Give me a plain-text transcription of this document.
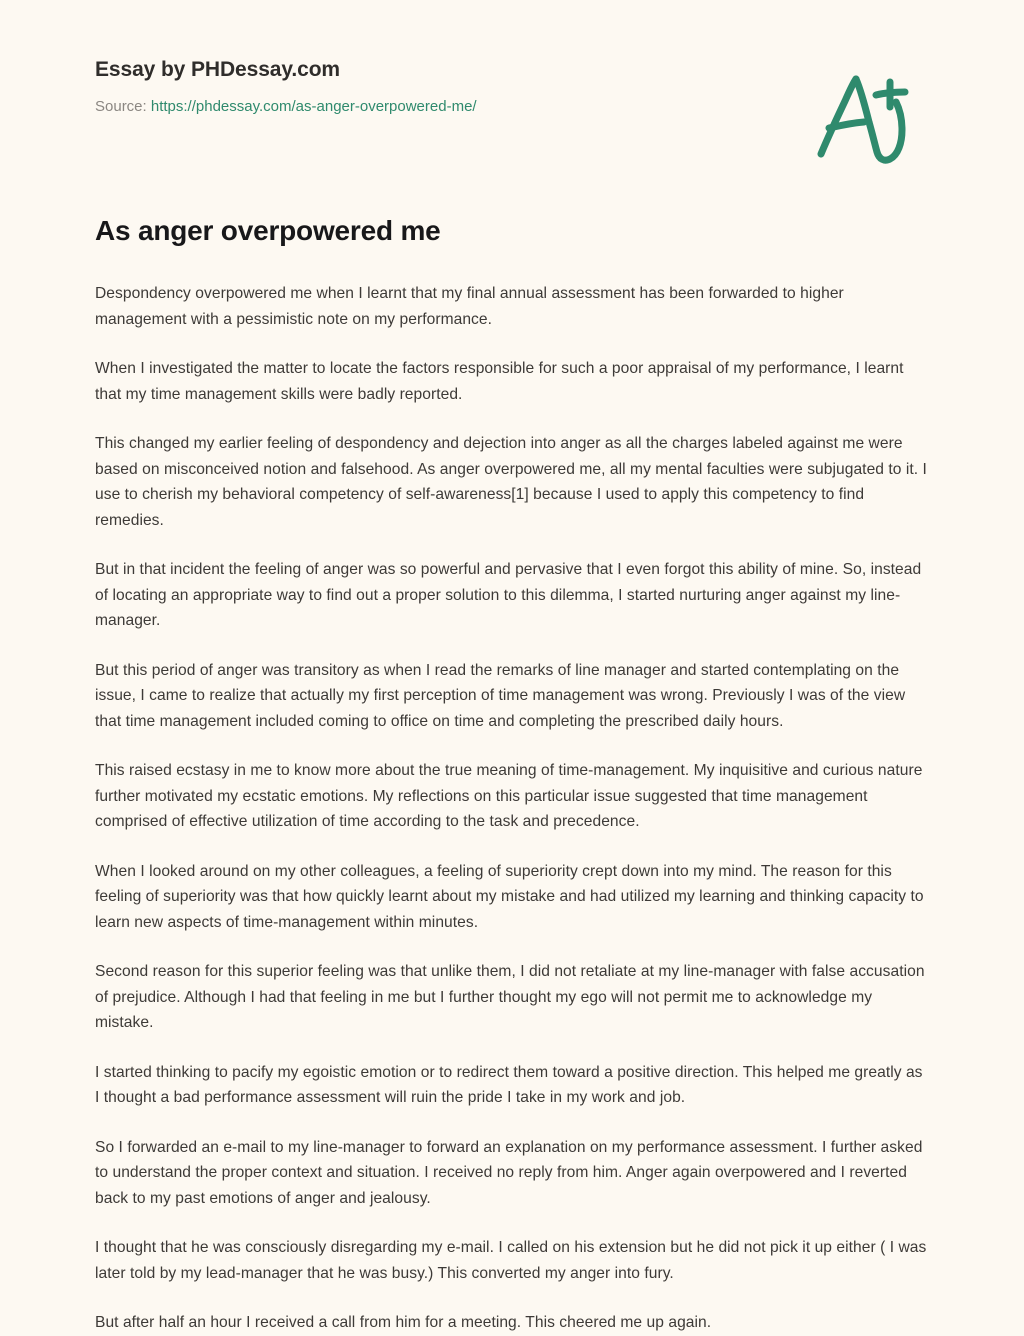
Essay by PHDessay.com
Source: https://phdessay.com/as-anger-overpowered-me/
As anger overpowered me

Despondency overpowered me when I learnt that my final annual assessment has been forwarded to higher management with a pessimistic note on my performance.

When I investigated the matter to locate the factors responsible for such a poor appraisal of my performance, I learnt that my time management skills were badly reported.

This changed my earlier feeling of despondency and dejection into anger as all the charges labeled against me were based on misconceived notion and falsehood. As anger overpowered me, all my mental faculties were subjugated to it. I use to cherish my behavioral competency of self-awareness[1] because I used to apply this competency to find remedies.

But in that incident the feeling of anger was so powerful and pervasive that I even forgot this ability of mine. So, instead of locating an appropriate way to find out a proper solution to this dilemma, I started nurturing anger against my line-manager.

But this period of anger was transitory as when I read the remarks of line manager and started contemplating on the issue, I came to realize that actually my first perception of time management was wrong. Previously I was of the view that time management included coming to office on time and completing the prescribed daily hours.

This raised ecstasy in me to know more about the true meaning of time-management. My inquisitive and curious nature further motivated my ecstatic emotions. My reflections on this particular issue suggested that time management comprised of effective utilization of time according to the task and precedence.

When I looked around on my other colleagues, a feeling of superiority crept down into my mind. The reason for this feeling of superiority was that how quickly learnt about my mistake and had utilized my learning and thinking capacity to learn new aspects of time-management within minutes.

Second reason for this superior feeling was that unlike them, I did not retaliate at my line-manager with false accusation of prejudice. Although I had that feeling in me but I further thought my ego will not permit me to acknowledge my mistake.

I started thinking to pacify my egoistic emotion or to redirect them toward a positive direction. This helped me greatly as I thought a bad performance assessment will ruin the pride I take in my work and job.

So I forwarded an e-mail to my line-manager to forward an explanation on my performance assessment. I further asked to understand the proper context and situation. I received no reply from him. Anger again overpowered and I reverted back to my past emotions of anger and jealousy.

I thought that he was consciously disregarding my e-mail. I called on his extension but he did not pick it up either ( I was later told by my lead-manager that he was busy.) This converted my anger into fury.

But after half an hour I received a call from him for a meeting. This cheered me up again.
